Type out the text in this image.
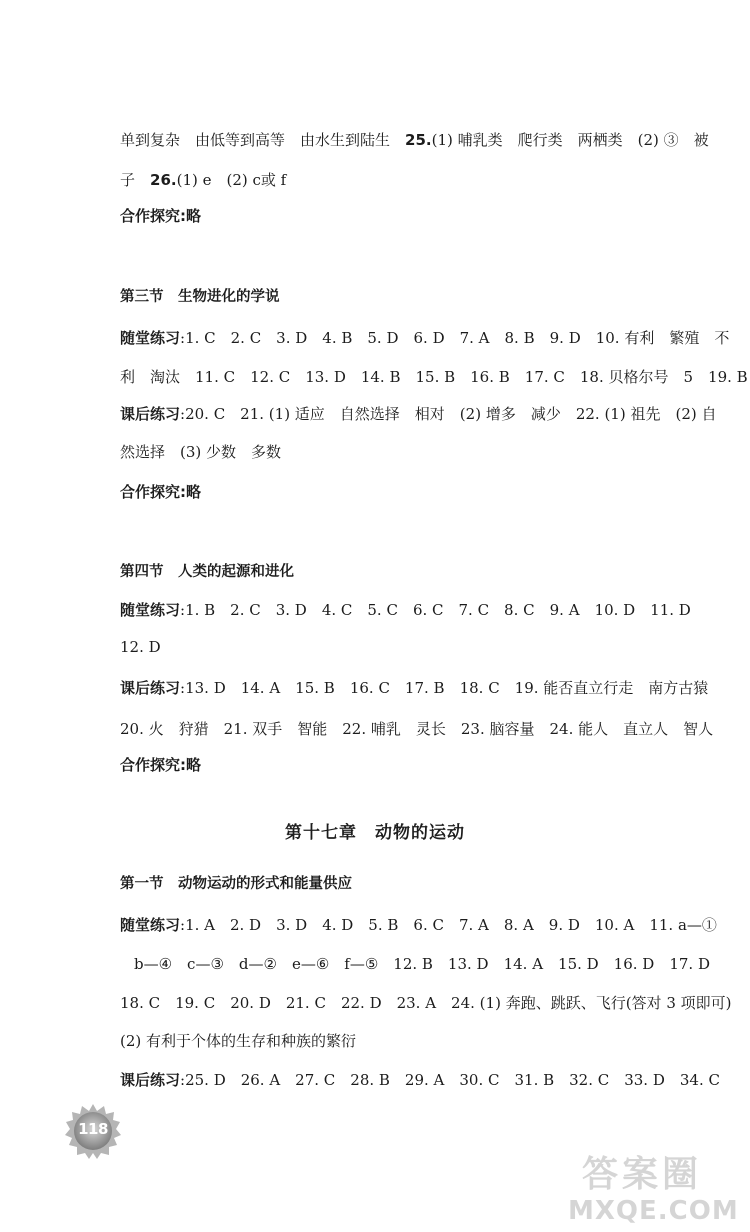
单到复杂　由低等到高等　由水生到陆生　25.(1) 哺乳类　爬行类　两栖类　(2) ③　被
子　26.(1) e　(2) c或 f
合作探究:略
第三节　生物进化的学说
随堂练习:1. C　2. C　3. D　4. B　5. D　6. D　7. A　8. B　9. D　10. 有利　繁殖　不
利　淘汰　11. C　12. C　13. D　14. B　15. B　16. B　17. C　18. 贝格尔号　5　19. B
课后练习:20. C　21. (1) 适应　自然选择　相对　(2) 增多　减少　22. (1) 祖先　(2) 自
然选择　(3) 少数　多数
合作探究:略
第四节　人类的起源和进化
随堂练习:1. B　2. C　3. D　4. C　5. C　6. C　7. C　8. C　9. A　10. D　11. D
12. D
课后练习:13. D　14. A　15. B　16. C　17. B　18. C　19. 能否直立行走　南方古猿
20. 火　狩猎　21. 双手　智能　22. 哺乳　灵长　23. 脑容量　24. 能人　直立人　智人
合作探究:略
第十七章　动物的运动
第一节　动物运动的形式和能量供应
随堂练习:1. A　2. D　3. D　4. D　5. B　6. C　7. A　8. A　9. D　10. A　11. a—①
b—④　c—③　d—②　e—⑥　f—⑤　12. B　13. D　14. A　15. D　16. D　17. D
18. C　19. C　20. D　21. C　22. D　23. A　24. (1) 奔跑、跳跃、飞行(答对 3 项即可)
(2) 有利于个体的生存和种族的繁衍
课后练习:25. D　26. A　27. C　28. B　29. A　30. C　31. B　32. C　33. D　34. C
118
答案圈
MXQE.COM
